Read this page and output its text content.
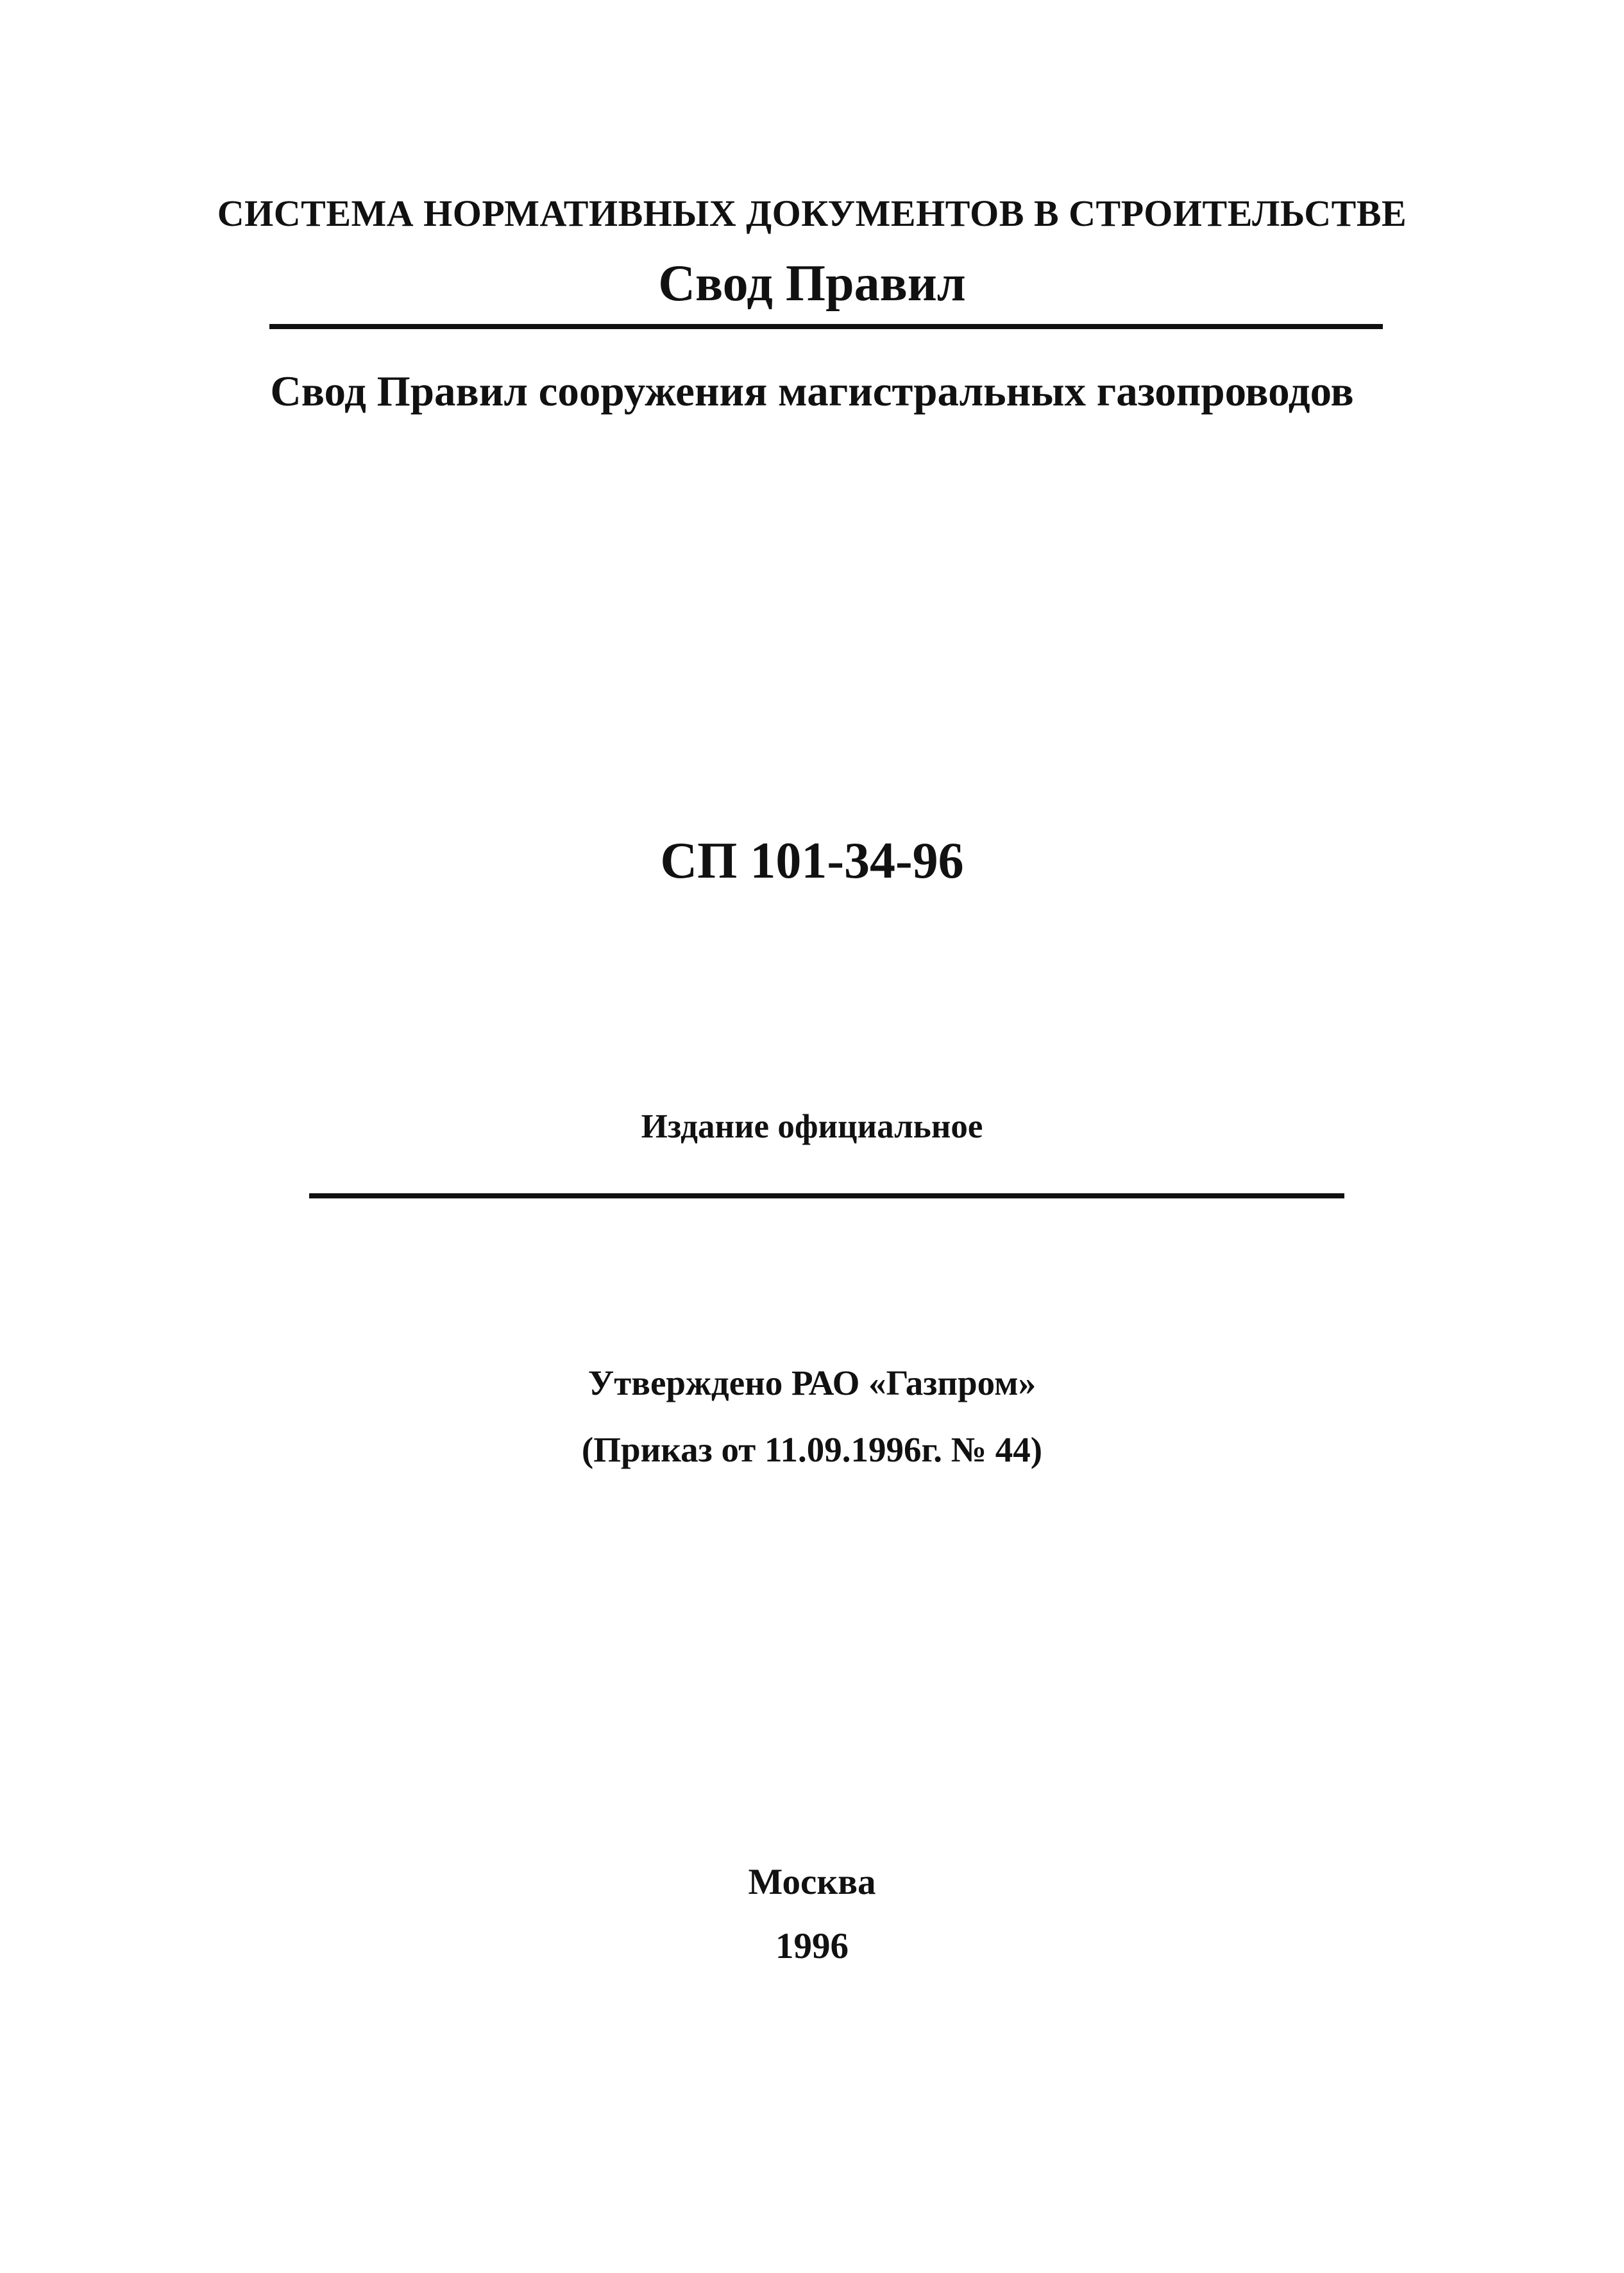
СИСТЕМА НОРМАТИВНЫХ ДОКУМЕНТОВ В СТРОИТЕЛЬСТВЕ
Свод Правил
Свод Правил сооружения магистральных газопроводов
СП 101-34-96
Издание официальное
Утверждено РАО «Газпром»
(Приказ от 11.09.1996г. № 44)
Москва
1996
